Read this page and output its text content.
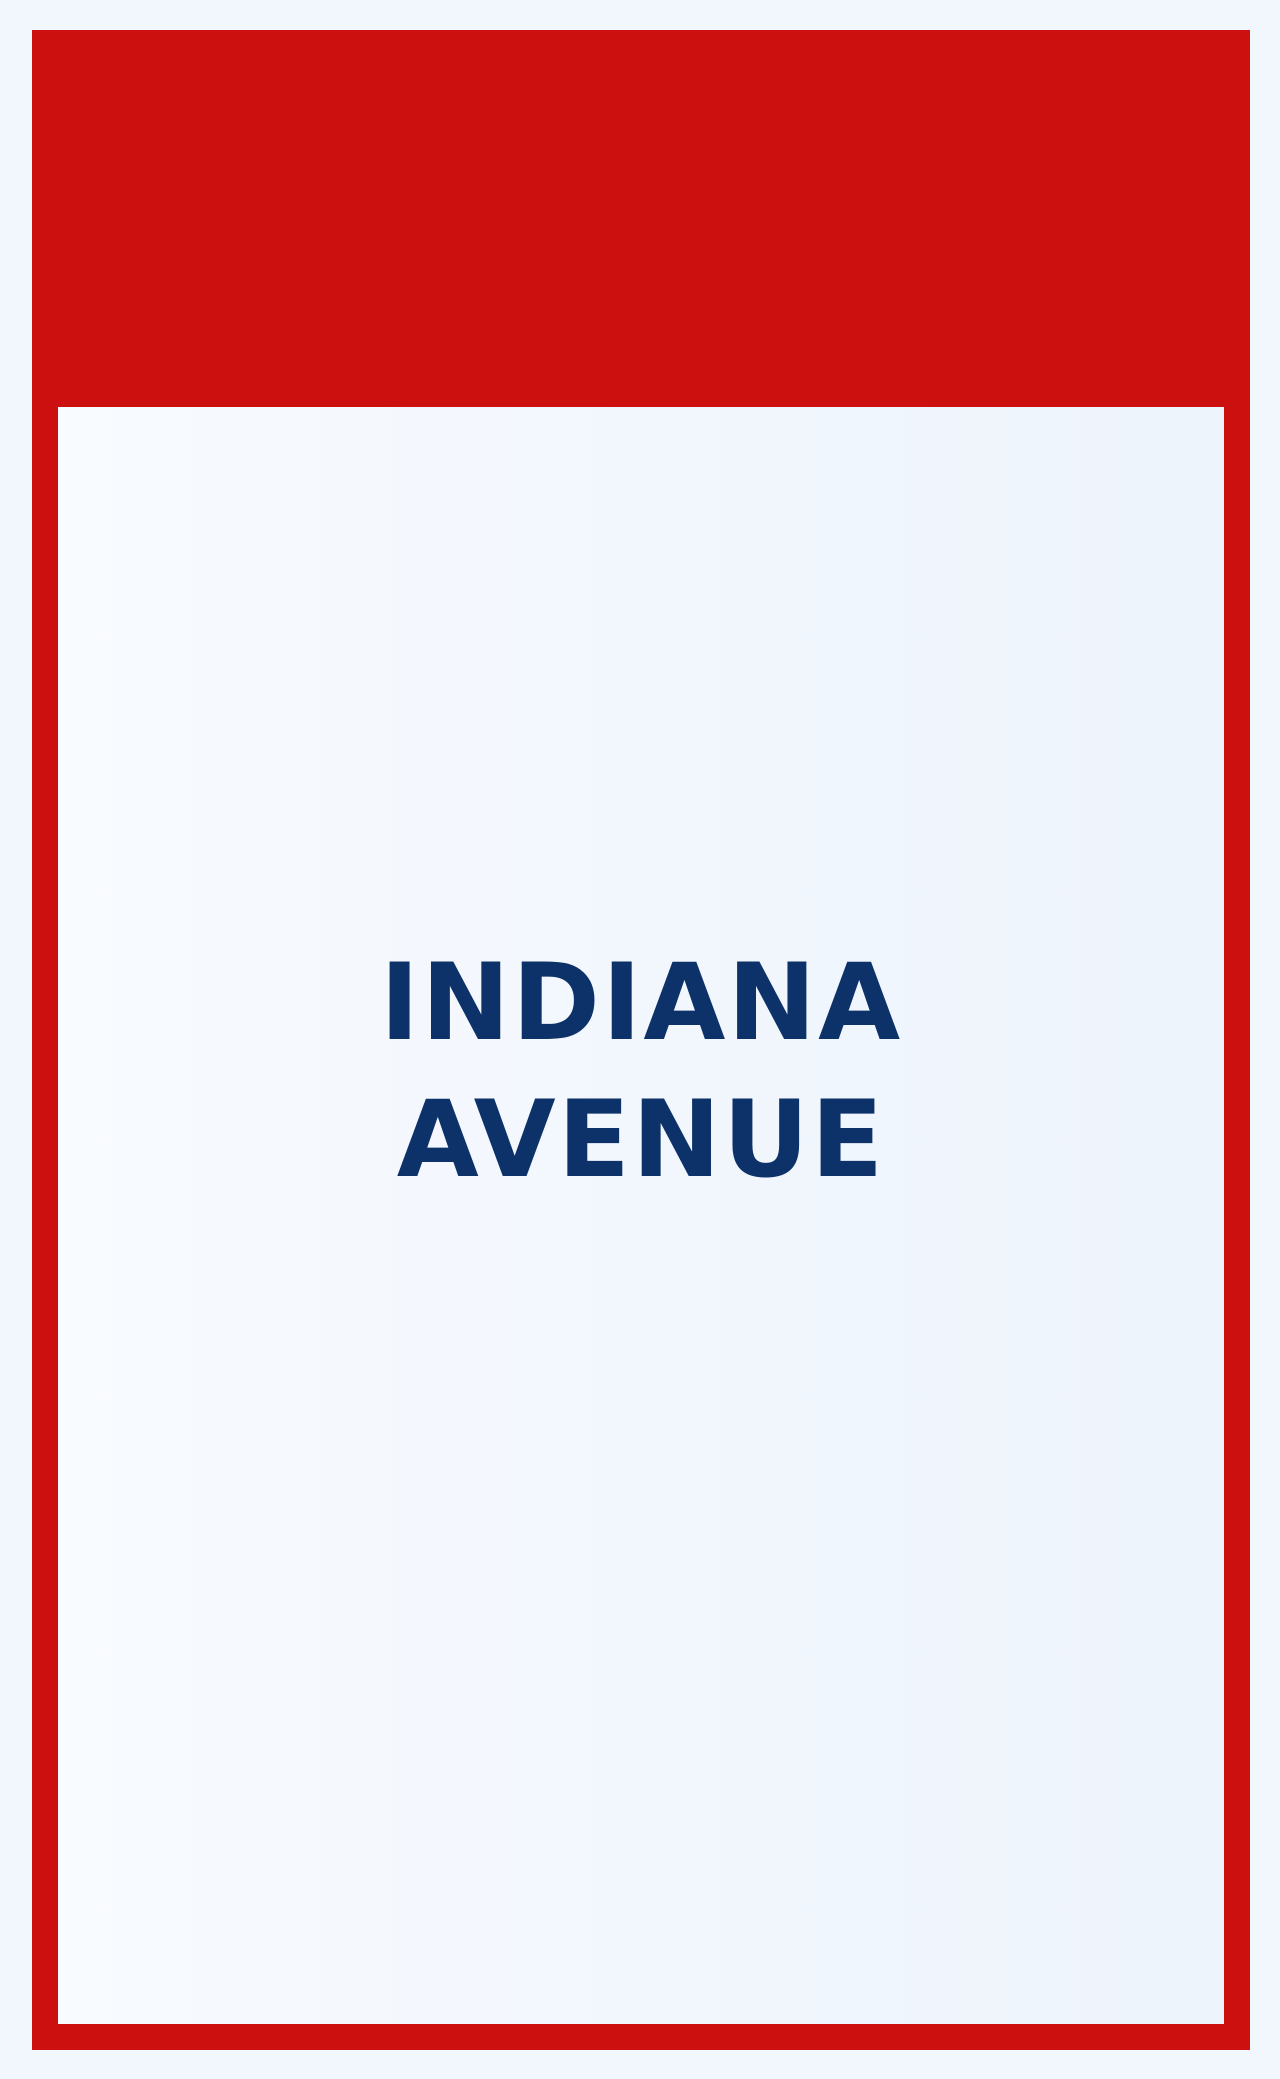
INDIANA
AVENUE
